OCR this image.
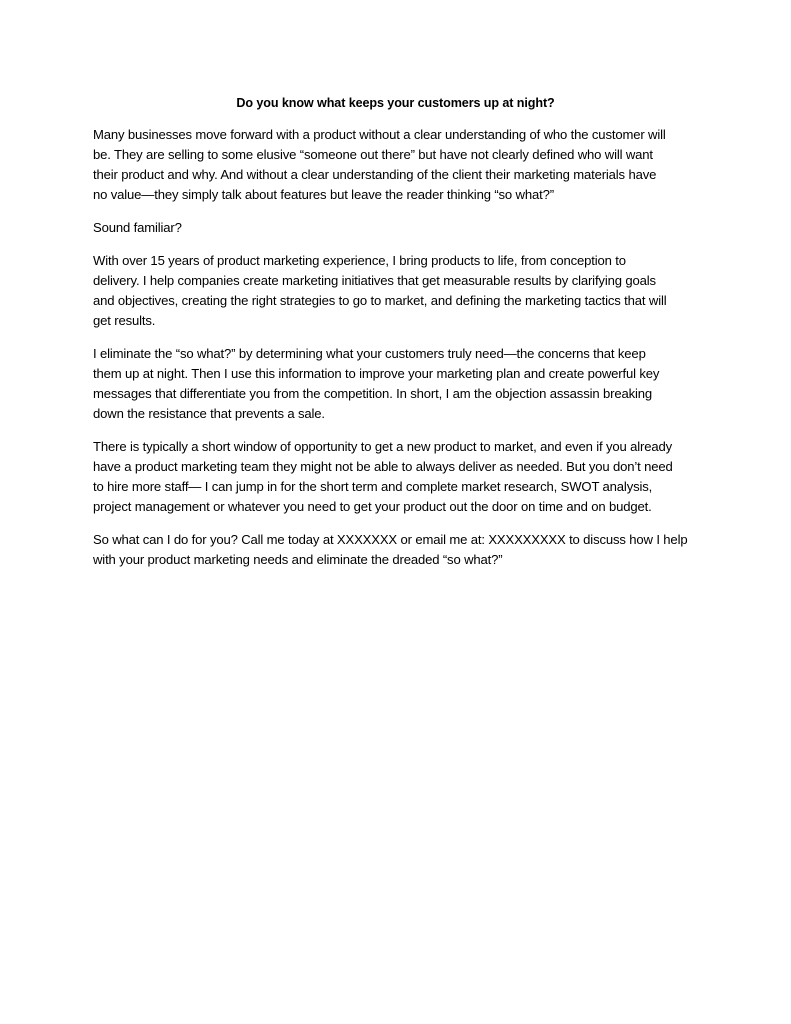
Do you know what keeps your customers up at night?

Many businesses move forward with a product without a clear understanding of who the customer will
be. They are selling to some elusive “someone out there” but have not clearly defined who will want
their product and why. And without a clear understanding of the client their marketing materials have
no value—they simply talk about features but leave the reader thinking “so what?”

Sound familiar?

With over 15 years of product marketing experience, I bring products to life, from conception to
delivery. I help companies create marketing initiatives that get measurable results by clarifying goals
and objectives, creating the right strategies to go to market, and defining the marketing tactics that will
get results.

I eliminate the “so what?” by determining what your customers truly need—the concerns that keep
them up at night. Then I use this information to improve your marketing plan and create powerful key
messages that differentiate you from the competition. In short, I am the objection assassin breaking
down the resistance that prevents a sale.

There is typically a short window of opportunity to get a new product to market, and even if you already
have a product marketing team they might not be able to always deliver as needed. But you don’t need
to hire more staff— I can jump in for the short term and complete market research, SWOT analysis,
project management or whatever you need to get your product out the door on time and on budget.

So what can I do for you? Call me today at XXXXXXX or email me at: XXXXXXXXX to discuss how I help
with your product marketing needs and eliminate the dreaded “so what?”
